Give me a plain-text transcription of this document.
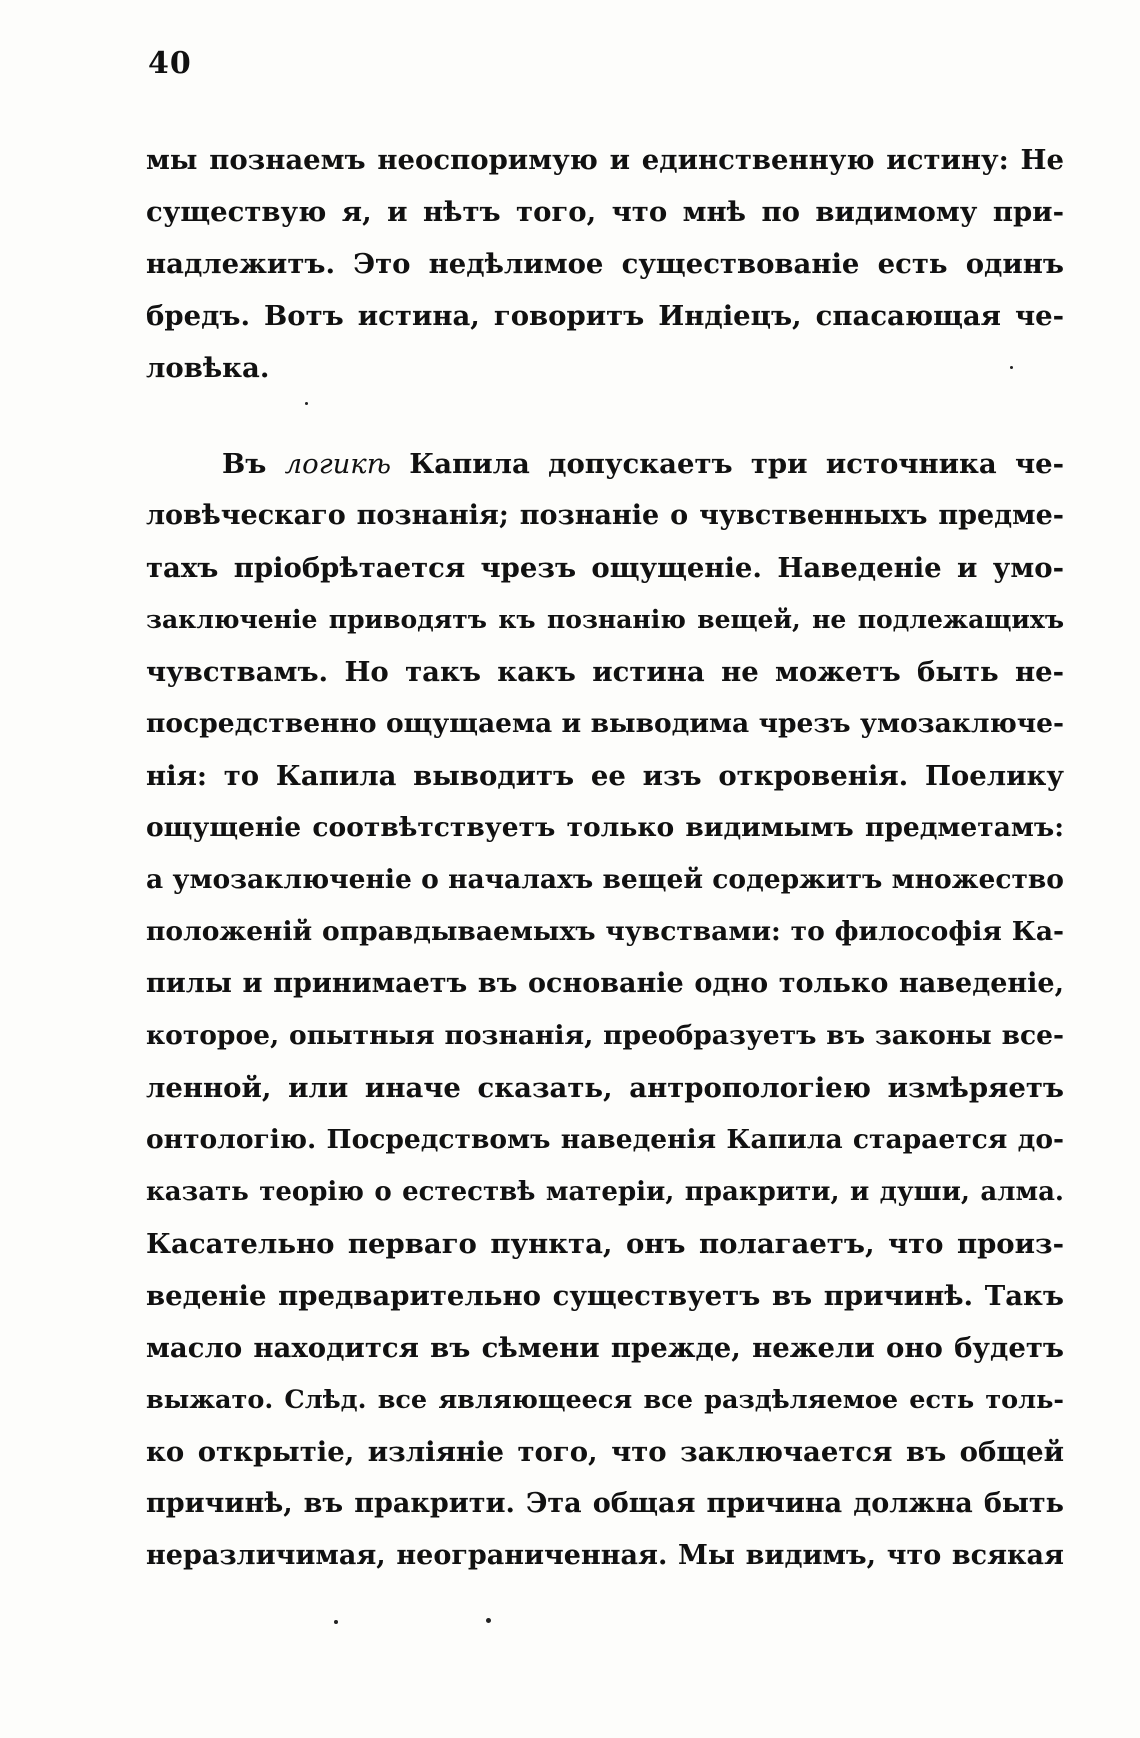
40
мы познаемъ неоспоримую и единственную истину: Не
существую я, и нѣтъ того, что мнѣ по видимому при-
надлежитъ. Это недѣлимое существованіе есть одинъ
бредъ. Вотъ истина, говоритъ Индіецъ, спасающая че-
ловѣка.
Въ логикѣ Капила допускаетъ три источника че-
ловѣческаго познанія; познаніе о чувственныхъ предме-
тахъ пріобрѣтается чрезъ ощущеніе. Наведеніе и умо-
заключеніе приводятъ къ познанію вещей, не подлежащихъ
чувствамъ. Но такъ какъ истина не можетъ быть не-
посредственно ощущаема и выводима чрезъ умозаключе-
нія: то Капила выводитъ ее изъ откровенія. Поелику
ощущеніе соотвѣтствуетъ только видимымъ предметамъ:
а умозаключеніе о началахъ вещей содержитъ множество
положеній оправдываемыхъ чувствами: то философія Ка-
пилы и принимаетъ въ основаніе одно только наведеніе,
которое, опытныя познанія, преобразуетъ въ законы все-
ленной, или иначе сказать, антропологіею измѣряетъ
онтологію. Посредствомъ наведенія Капила старается до-
казать теорію о естествѣ матеріи, пракрити, и души, алма.
Касательно перваго пункта, онъ полагаетъ, что произ-
веденіе предварительно существуетъ въ причинѣ. Такъ
масло находится въ сѣмени прежде, нежели оно будетъ
выжато. Слѣд. все являющееся все раздѣляемое есть толь-
ко открытіе, изліяніе того, что заключается въ общей
причинѣ, въ пракрити. Эта общая причина должна быть
неразличимая, неограниченная. Мы видимъ, что всякая
